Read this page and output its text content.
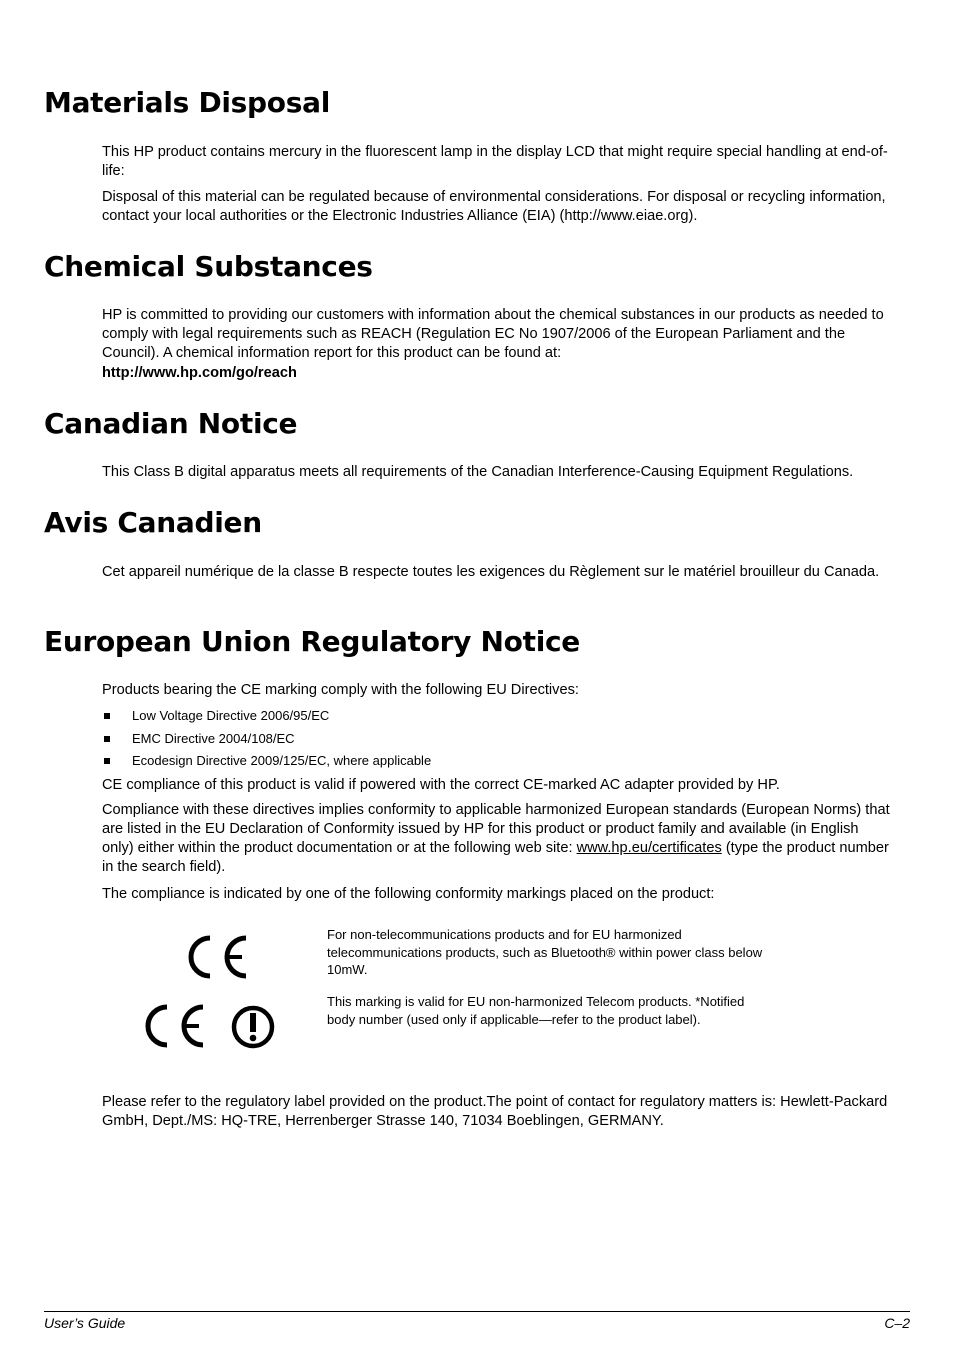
Materials Disposal

This HP product contains mercury in the fluorescent lamp in the display LCD that might require special handling at end-of-life:

Disposal of this material can be regulated because of environmental considerations. For disposal or recycling information, contact your local authorities or the Electronic Industries Alliance (EIA) (http://www.eiae.org).

Chemical Substances

HP is committed to providing our customers with information about the chemical substances in our products as needed to comply with legal requirements such as REACH (Regulation EC No 1907/2006 of the European Parliament and the Council). A chemical information report for this product can be found at:

http://www.hp.com/go/reach

Canadian Notice

This Class B digital apparatus meets all requirements of the Canadian Interference-Causing Equipment Regulations.

Avis Canadien

Cet appareil numérique de la classe B respecte toutes les exigences du Règlement sur le matériel brouilleur du Canada.

European Union Regulatory Notice

Products bearing the CE marking comply with the following EU Directives:

Low Voltage Directive 2006/95/EC
EMC Directive 2004/108/EC
Ecodesign Directive 2009/125/EC, where applicable

CE compliance of this product is valid if powered with the correct CE-marked AC adapter provided by HP.

Compliance with these directives implies conformity to applicable harmonized European standards (European Norms) that are listed in the EU Declaration of Conformity issued by HP for this product or product family and available (in English only) either within the product documentation or at the following web site: www.hp.eu/certificates (type the product number in the search field).

The compliance is indicated by one of the following conformity markings placed on the product:

For non-telecommunications products and for EU harmonized telecommunications products, such as Bluetooth® within power class below 10mW.

This marking is valid for EU non-harmonized Telecom products. *Notified body number (used only if applicable—refer to the product label).

Please refer to the regulatory label provided on the product.The point of contact for regulatory matters is: Hewlett-Packard GmbH, Dept./MS: HQ-TRE, Herrenberger Strasse 140, 71034 Boeblingen, GERMANY.

User’s Guide	C–2
